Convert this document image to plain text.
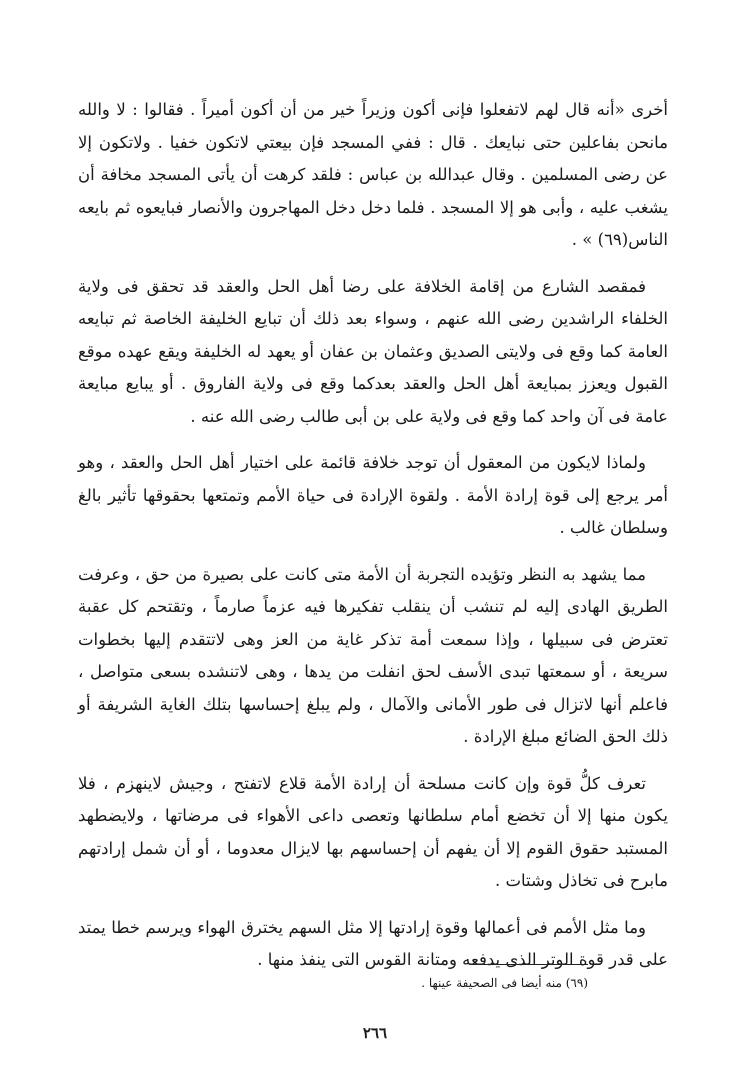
أخرى «أنه قال لهم لاتفعلوا فإنى أكون وزيراً خير من أن أكون أميراً . فقالوا : لا والله مانحن بفاعلين حتى نبايعك . قال : ففي المسجد فإن بيعتي لاتكون خفيا . ولاتكون إلا عن رضى المسلمين . وقال عبدالله بن عباس : فلقد كرهت أن يأتى المسجد مخافة أن يشغب عليه ، وأبى هو إلا المسجد . فلما دخل دخل المهاجرون والأنصار فبايعوه ثم بايعه الناس(٦٩) » .

فمقصد الشارع من إقامة الخلافة على رضا أهل الحل والعقد قد تحقق فى ولاية الخلفاء الراشدين رضى الله عنهم ، وسواء بعد ذلك أن تبايع الخليفة الخاصة ثم تبايعه العامة كما وقع فى ولايتى الصديق وعثمان بن عفان أو يعهد له الخليفة ويقع عهده موقع القبول ويعزز بمبايعة أهل الحل والعقد بعدكما وقع فى ولاية الفاروق . أو يبايع مبايعة عامة فى آن واحد كما وقع فى ولاية على بن أبى طالب رضى الله عنه .

ولماذا لايكون من المعقول أن توجد خلافة قائمة على اختيار أهل الحل والعقد ، وهو أمر يرجع إلى قوة إرادة الأمة . ولقوة الإرادة فى حياة الأمم وتمتعها بحقوقها تأثير بالغ وسلطان غالب .

مما يشهد به النظر وتؤيده التجربة أن الأمة متى كانت على بصيرة من حق ، وعرفت الطريق الهادى إليه لم تنشب أن ينقلب تفكيرها فيه عزماً صارماً ، وتقتحم كل عقبة تعترض فى سبيلها ، وإذا سمعت أمة تذكر غاية من العز وهى لاتتقدم إليها بخطوات سريعة ، أو سمعتها تبدى الأسف لحق انفلت من يدها ، وهى لاتنشده بسعى متواصل ، فاعلم أنها لاتزال فى طور الأمانى والآمال ، ولم يبلغ إحساسها بتلك الغاية الشريفة أو ذلك الحق الضائع مبلغ الإرادة .

تعرف كلُّ قوة وإن كانت مسلحة أن إرادة الأمة قلاع لاتفتح ، وجيش لاينهزم ، فلا يكون منها إلا أن تخضع أمام سلطانها وتعصى داعى الأهواء فى مرضاتها ، ولايضطهد المستبد حقوق القوم إلا أن يفهم أن إحساسهم بها لايزال معدوما ، أو أن شمل إرادتهم مابرح فى تخاذل وشتات .

وما مثل الأمم فى أعمالها وقوة إرادتها إلا مثل السهم يخترق الهواء ويرسم خطا يمتد على قدر قوة الوتر الذى يدفعه ومتانة القوس التى ينفذ منها .

(٦٩) منه أيضا فى الصحيفة عينها .
٢٦٦
